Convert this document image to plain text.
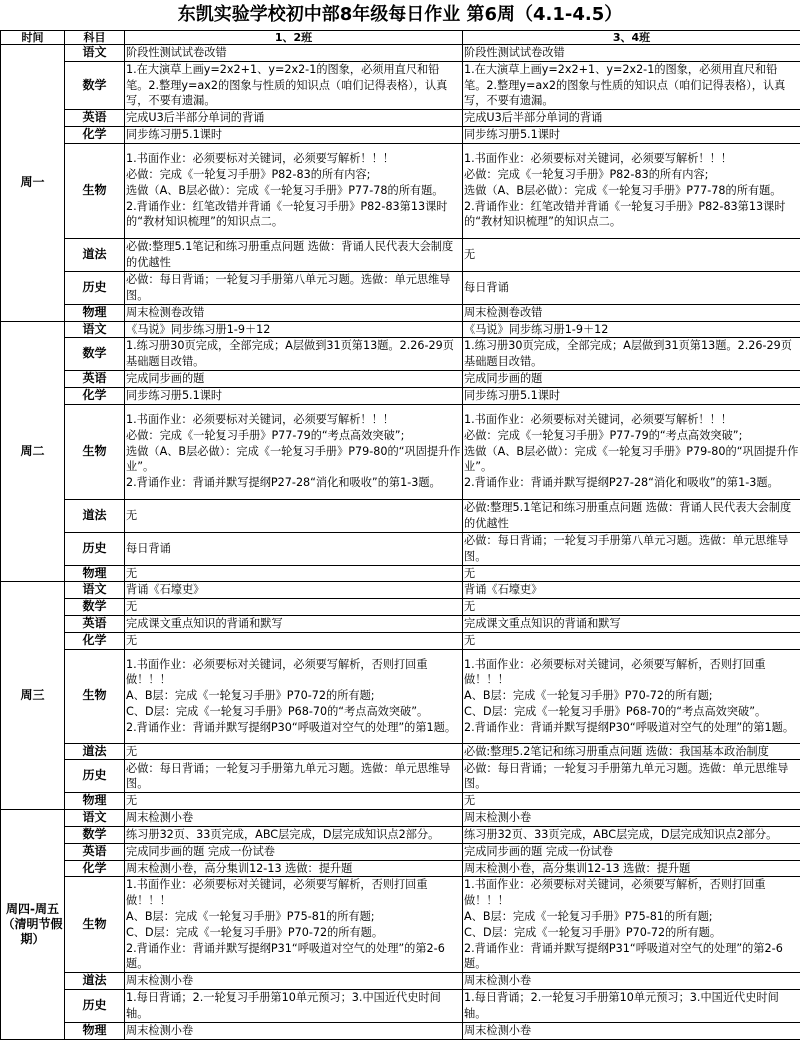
东凯实验学校初中部8年级每日作业 第6周（4.1-4.5）
时间	科目	1、2班	3、4班
周一	语文	阶段性测试试卷改错	阶段性测试试卷改错
	数学	1.在大演草上画y=2x2+1、y=2x2-1的图象，必须用直尺和铅笔。2.整理y=ax2的图象与性质的知识点（咱们记得表格），认真写，不要有遗漏。	1.在大演草上画y=2x2+1、y=2x2-1的图象，必须用直尺和铅笔。2.整理y=ax2的图象与性质的知识点（咱们记得表格），认真写，不要有遗漏。
	英语	完成U3后半部分单词的背诵	完成U3后半部分单词的背诵
	化学	同步练习册5.1课时	同步练习册5.1课时
	生物	1.书面作业：必须要标对关键词，必须要写解析！！！
必做：完成《一轮复习手册》P82-83的所有内容;
选做（A、B层必做）：完成《一轮复习手册》P77-78的所有题。
2.背诵作业：红笔改错并背诵《一轮复习手册》P82-83第13课时的“教材知识梳理”的知识点二。	1.书面作业：必须要标对关键词，必须要写解析！！！
必做：完成《一轮复习手册》P82-83的所有内容;
选做（A、B层必做）：完成《一轮复习手册》P77-78的所有题。
2.背诵作业：红笔改错并背诵《一轮复习手册》P82-83第13课时的“教材知识梳理”的知识点二。
	道法	必做:整理5.1笔记和练习册重点问题 选做：背诵人民代表大会制度的优越性	无
	历史	必做：每日背诵；一轮复习手册第八单元习题。选做：单元思维导图。	每日背诵
	物理	周末检测卷改错	周末检测卷改错
周二	语文	《马说》同步练习册1-9＋12	《马说》同步练习册1-9＋12
	数学	1.练习册30页完成，全部完成；A层做到31页第13题。2.26-29页基础题目改错。	1.练习册30页完成，全部完成；A层做到31页第13题。2.26-29页基础题目改错。
	英语	完成同步画的题	完成同步画的题
	化学	同步练习册5.1课时	同步练习册5.1课时
	生物	1.书面作业：必须要标对关键词，必须要写解析！！！
必做：完成《一轮复习手册》P77-79的“考点高效突破”;
选做（A、B层必做）：完成《一轮复习手册》P79-80的“巩固提升作业”。
2.背诵作业：背诵并默写提纲P27-28“消化和吸收”的第1-3题。	1.书面作业：必须要标对关键词，必须要写解析！！！
必做：完成《一轮复习手册》P77-79的“考点高效突破”;
选做（A、B层必做）：完成《一轮复习手册》P79-80的“巩固提升作业”。
2.背诵作业：背诵并默写提纲P27-28“消化和吸收”的第1-3题。
	道法	无	必做:整理5.1笔记和练习册重点问题 选做：背诵人民代表大会制度的优越性
	历史	每日背诵	必做：每日背诵；一轮复习手册第八单元习题。选做：单元思维导图。
	物理	无	无
周三	语文	背诵《石壕吏》	背诵《石壕吏》
	数学	无	无
	英语	完成课文重点知识的背诵和默写	完成课文重点知识的背诵和默写
	化学	无	无
	生物	1.书面作业：必须要标对关键词，必须要写解析，否则打回重做！！！
A、B层：完成《一轮复习手册》P70-72的所有题;
C、D层：完成《一轮复习手册》P68-70的“考点高效突破”。
2.背诵作业：背诵并默写提纲P30“呼吸道对空气的处理”的第1题。	1.书面作业：必须要标对关键词，必须要写解析，否则打回重做！！！
A、B层：完成《一轮复习手册》P70-72的所有题;
C、D层：完成《一轮复习手册》P68-70的“考点高效突破”。
2.背诵作业：背诵并默写提纲P30“呼吸道对空气的处理”的第1题。
	道法	无	必做:整理5.2笔记和练习册重点问题 选做：我国基本政治制度
	历史	必做：每日背诵；一轮复习手册第九单元习题。选做：单元思维导图。	必做：每日背诵；一轮复习手册第九单元习题。选做：单元思维导图。
	物理	无	无
周四-周五（清明节假期）	语文	周末检测小卷	周末检测小卷
	数学	练习册32页、33页完成，ABC层完成，D层完成知识点2部分。	练习册32页、33页完成，ABC层完成，D层完成知识点2部分。
	英语	完成同步画的题 完成一份试卷	完成同步画的题 完成一份试卷
	化学	周末检测小卷，高分集训12-13 选做：提升题	周末检测小卷，高分集训12-13 选做：提升题
	生物	1.书面作业：必须要标对关键词，必须要写解析，否则打回重做！！！
A、B层：完成《一轮复习手册》P75-81的所有题;
C、D层：完成《一轮复习手册》P70-72的所有题。
2.背诵作业：背诵并默写提纲P31“呼吸道对空气的处理”的第2-6题。	1.书面作业：必须要标对关键词，必须要写解析，否则打回重做！！！
A、B层：完成《一轮复习手册》P75-81的所有题;
C、D层：完成《一轮复习手册》P70-72的所有题。
2.背诵作业：背诵并默写提纲P31“呼吸道对空气的处理”的第2-6题。
	道法	周末检测小卷	周末检测小卷
	历史	1.每日背诵；2.一轮复习手册第10单元预习；3.中国近代史时间轴。	1.每日背诵；2.一轮复习手册第10单元预习；3.中国近代史时间轴。
	物理	周末检测小卷	周末检测小卷
